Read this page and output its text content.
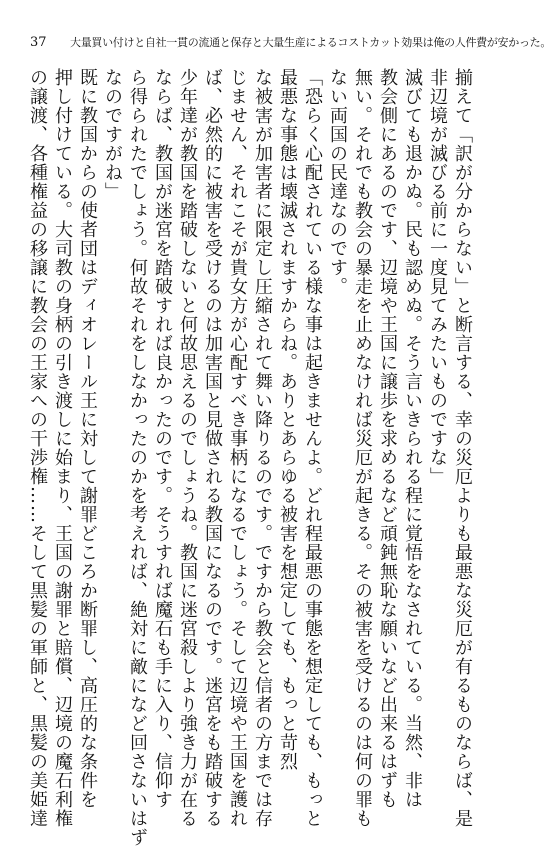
37 大量買い付けと自社一貫の流通と保存と大量生産によるコストカット効果は俺の人件費が安かった。

揃えて「訳が分からない」と断言する、幸の災厄よりも最悪な災厄が有るものならば、是

非辺境が滅びる前に一度見てみたいものですな」

滅びても退かぬ。民も認めぬ。そう言いきられる程に覚悟をなされている。当然、非は

教会側にあるのです、辺境や王国に譲歩を求めるなど頑鈍無恥な願いなど出来るはずも

無い。それでも教会の暴走を止めなければ災厄が起きる。その被害を受けるのは何の罪も

ない両国の民達なのです。

「恐らく心配されている様な事は起きませんよ。どれ程最悪の事態を想定しても、もっと

最悪な事態は壊滅されますからね。ありとあらゆる被害を想定しても、もっと苛烈

な被害が加害者に限定し圧縮されて舞い降りるのです。ですから教会と信者の方までは存

じません、それこそが貴女方が心配すべき事柄になるでしょう。そして辺境や王国を護れ

ば、必然的に被害を受けるのは加害国と見做される教国になるのです。迷宮をも踏破する

少年達が教国を踏破しないと何故思えるのでしょうね。教国に迷宮殺しより強き力が在る

ならば、教国が迷宮を踏破すれば良かったのです。そうすれば魔石も手に入り、信仰す

ら得られたでしょう。何故それをしなかったのかを考えれば、絶対に敵になど回さないはず

なのですがね」

既に教国からの使者団はディオレール王に対して謝罪どころか断罪し、高圧的な条件を

押し付けている。大司教の身柄の引き渡しに始まり、王国の謝罪と賠償、辺境の魔石利権

の譲渡、各種権益の移譲に教会の王家への干渉権……そして黒髪の軍師と、黒髪の美姫達
